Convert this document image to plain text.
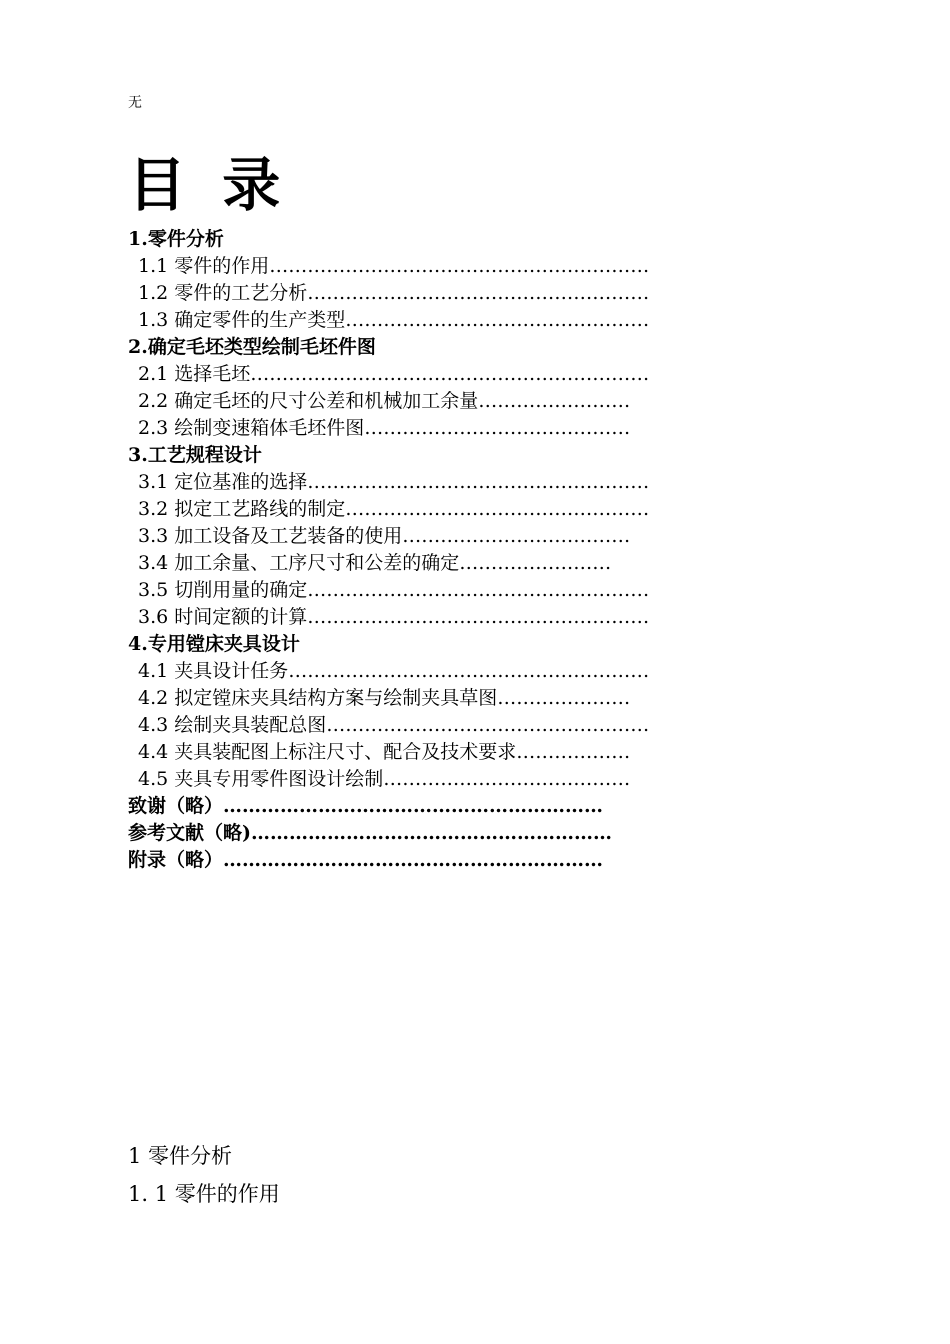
无
目 录
1.零件分析
1.1 零件的作用……………………………………………………
1.2 零件的工艺分析………………………………………………
1.3 确定零件的生产类型…………………………………………
2.确定毛坯类型绘制毛坯件图
2.1 选择毛坯………………………………………………………
2.2 确定毛坯的尺寸公差和机械加工余量……………………
2.3 绘制变速箱体毛坯件图……………………………………
3.工艺规程设计
3.1 定位基准的选择………………………………………………
3.2 拟定工艺路线的制定…………………………………………
3.3 加工设备及工艺装备的使用………………………………
3.4 加工余量、工序尺寸和公差的确定……………………
3.5 切削用量的确定………………………………………………
3.6 时间定额的计算………………………………………………
4.专用镗床夹具设计
4.1 夹具设计任务…………………………………………………
4.2 拟定镗床夹具结构方案与绘制夹具草图…………………
4.3 绘制夹具装配总图……………………………………………
4.4 夹具装配图上标注尺寸、配合及技术要求………………
4.5 夹具专用零件图设计绘制…………………………………
致谢（略）……………………………………………………
参考文献（略)…………………………………………………
附录（略）……………………………………………………
1 零件分析
1. 1 零件的作用
